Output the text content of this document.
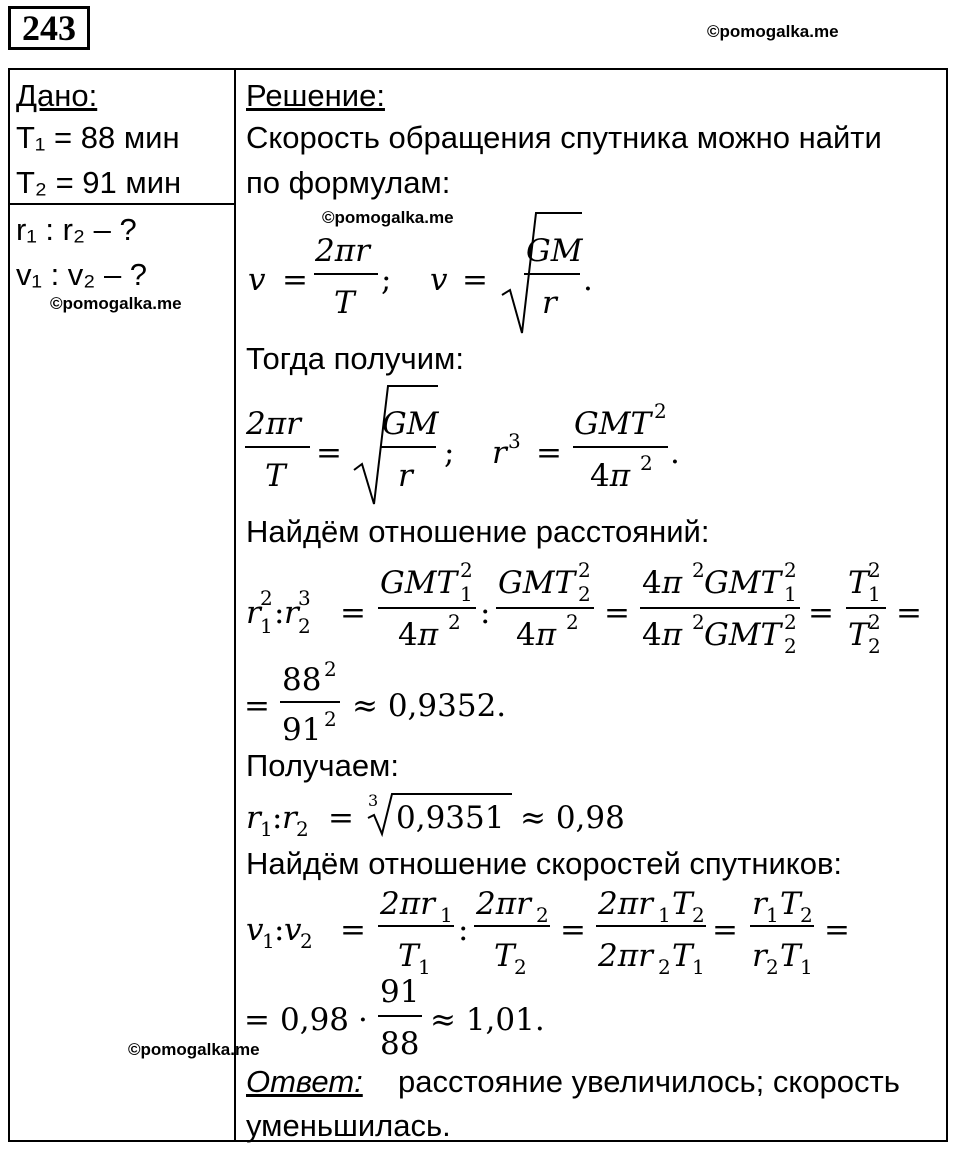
243	©pomogalka.me
Дано:
T₁ = 88 мин
T₂ = 91 мин
r₁ : r₂ – ?
v₁ : v₂ – ?
©pomogalka.me
Решение:
Скорость обращения спутника можно найти
по формулам:
©pomogalka.me
v =
2πr
T
; v =
GM
r
.
Тогда получим:
2πr
T
=
GM
r
; r 3 =
GMT 2
4π 2 .
Найдём отношение расстояний:
r 2
1 : r 3
2 =
GMT 2
1
4π 2 :
GMT 2
2
4π 2 =
4π 2 GMT 2
1
4π 2 GMT 2
2
=
T 2
1
T 2
2
=
=
88 2
91 2 ≈ 0,9352.
Получаем:
r 1 : r 2 = 3 0,9351 ≈ 0,98
Найдём отношение скоростей спутников:
v
1 : v
2 =
2πr 1
T 1
:
2πr 2
T 2
=
2πr 1 T 2
2πr 2 T 1
=
r 1 T 2
r 2 T 1
=
= 0,98 ·
91
88
≈ 1,01.
©pomogalka.me
Ответ: расстояние увеличилось; скорость
уменьшилась.
